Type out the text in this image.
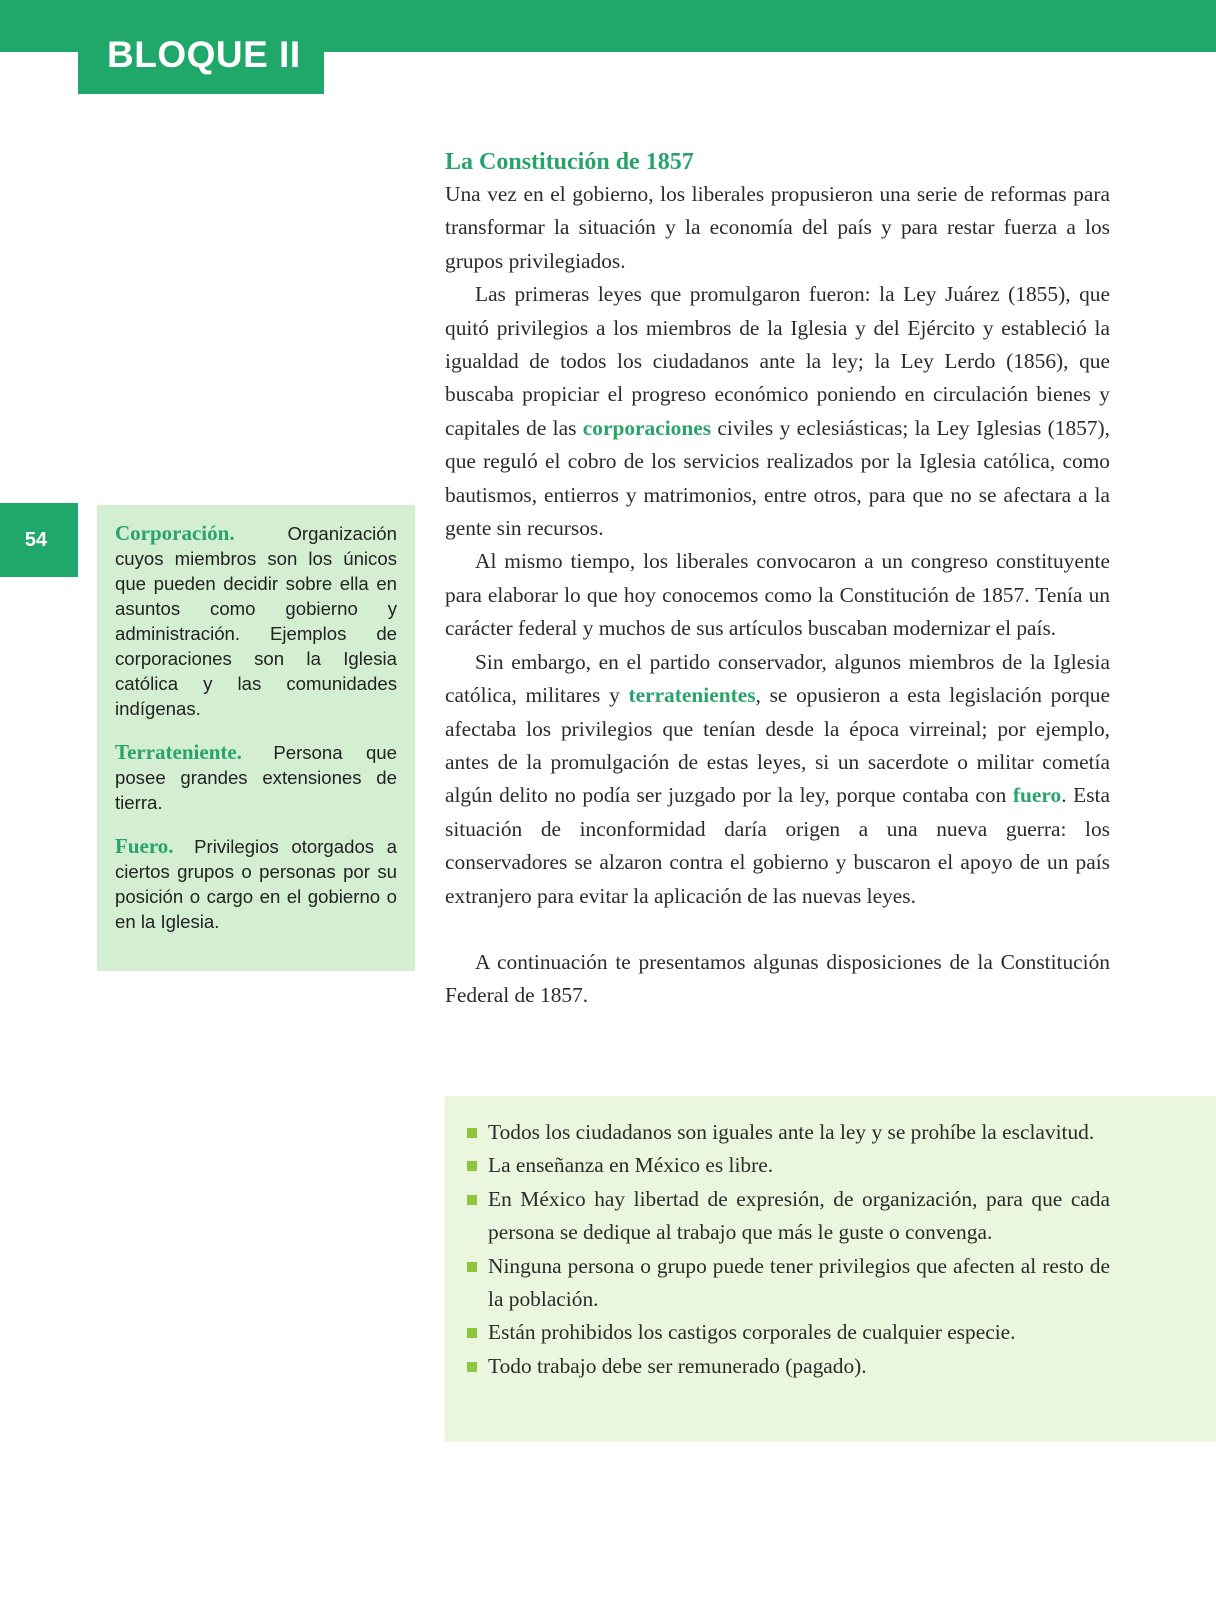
BLOQUE II
54	Corporación.	Organización cuyos miembros son los únicos que pueden decidir sobre ella en asuntos como gobierno y administración. Ejemplos de corporaciones son la Iglesia católica y las comunidades indígenas.

Terrateniente. Persona que posee grandes extensiones de tierra.

Fuero. Privilegios otorgados a ciertos grupos o personas por su posición o cargo en el gobierno o en la Iglesia.

La Constitución de 1857

Una vez en el gobierno, los liberales propusieron una serie de reformas para transformar la situación y la economía del país y para restar fuerza a los grupos privilegiados.

Las primeras leyes que promulgaron fueron: la Ley Juárez (1855), que quitó privilegios a los miembros de la Iglesia y del Ejército y estableció la igualdad de todos los ciudadanos ante la ley; la Ley Lerdo (1856), que buscaba propiciar el progreso económico poniendo en circulación bienes y capitales de las corporaciones civiles y eclesiásticas; la Ley Iglesias (1857), que reguló el cobro de los servicios realizados por la Iglesia católica, como bautismos, entierros y matrimonios, entre otros, para que no se afectara a la gente sin recursos.

Al mismo tiempo, los liberales convocaron a un congreso constituyente para elaborar lo que hoy conocemos como la Constitución de 1857. Tenía un carácter federal y muchos de sus artículos buscaban modernizar el país.

Sin embargo, en el partido conservador, algunos miembros de la Iglesia católica, militares y terratenientes, se opusieron a esta legislación porque afectaba los privilegios que tenían desde la época virreinal; por ejemplo, antes de la promulgación de estas leyes, si un sacerdote o militar cometía algún delito no podía ser juzgado por la ley, porque contaba con fuero. Esta situación de inconformidad daría origen a una nueva guerra: los conservadores se alzaron contra el gobierno y buscaron el apoyo de un país extranjero para evitar la aplicación de las nuevas leyes.

A continuación te presentamos algunas disposiciones de la Constitución Federal de 1857.

Todos los ciudadanos son iguales ante la ley y se prohíbe la esclavitud.
La enseñanza en México es libre.
En México hay libertad de expresión, de organización, para que cada persona se dedique al trabajo que más le guste o convenga.
Ninguna persona o grupo puede tener privilegios que afecten al resto de la población.
Están prohibidos los castigos corporales de cualquier especie.
Todo trabajo debe ser remunerado (pagado).
